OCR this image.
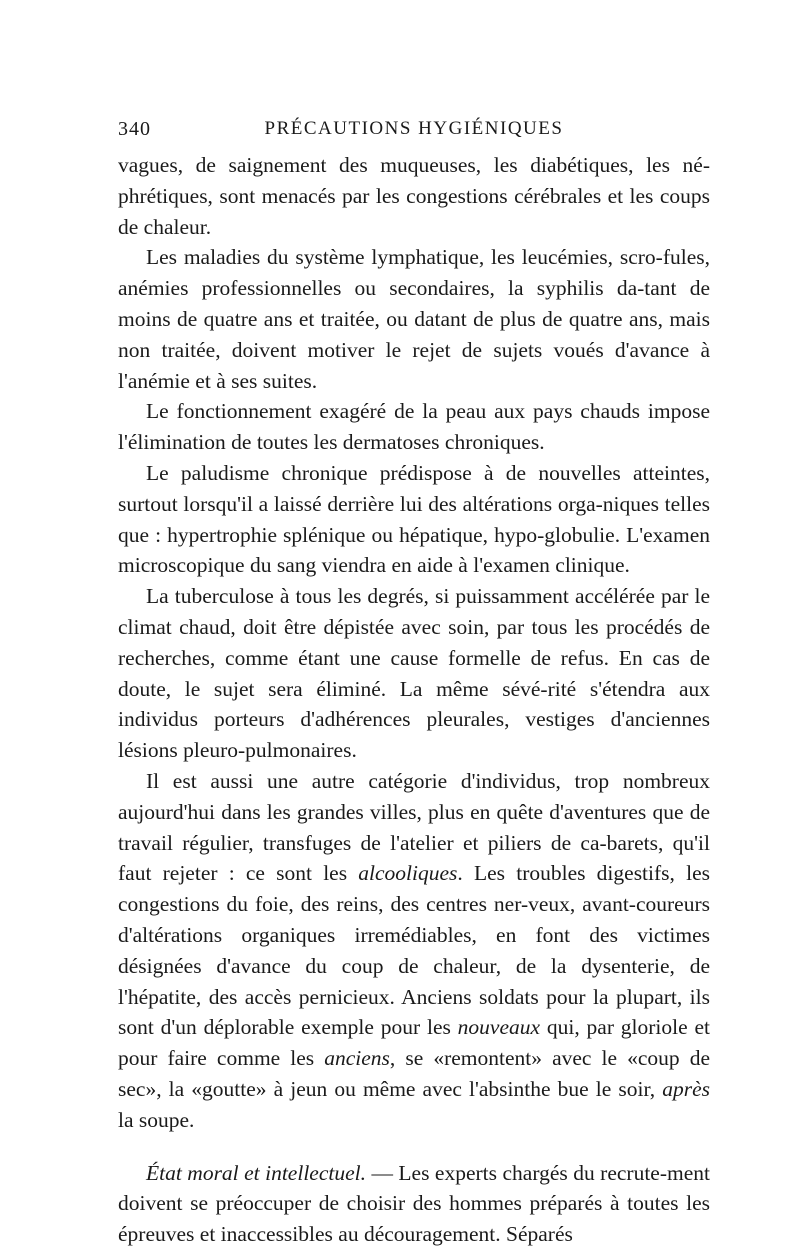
340	PRÉCAUTIONS HYGIÉNIQUES

vagues, de saignement des muqueuses, les diabétiques, les né-phrétiques, sont menacés par les congestions cérébrales et les coups de chaleur.

Les maladies du système lymphatique, les leucémies, scro-fules, anémies professionnelles ou secondaires, la syphilis da-tant de moins de quatre ans et traitée, ou datant de plus de quatre ans, mais non traitée, doivent motiver le rejet de sujets voués d'avance à l'anémie et à ses suites.

Le fonctionnement exagéré de la peau aux pays chauds impose l'élimination de toutes les dermatoses chroniques.

Le paludisme chronique prédispose à de nouvelles atteintes, surtout lorsqu'il a laissé derrière lui des altérations orga-niques telles que : hypertrophie splénique ou hépatique, hypo-globulie. L'examen microscopique du sang viendra en aide à l'examen clinique.

La tuberculose à tous les degrés, si puissamment accélérée par le climat chaud, doit être dépistée avec soin, par tous les procédés de recherches, comme étant une cause formelle de refus. En cas de doute, le sujet sera éliminé. La même sévé-rité s'étendra aux individus porteurs d'adhérences pleurales, vestiges d'anciennes lésions pleuro-pulmonaires.

Il est aussi une autre catégorie d'individus, trop nombreux aujourd'hui dans les grandes villes, plus en quête d'aventures que de travail régulier, transfuges de l'atelier et piliers de ca-barets, qu'il faut rejeter : ce sont les alcooliques. Les troubles digestifs, les congestions du foie, des reins, des centres ner-veux, avant-coureurs d'altérations organiques irremédiables, en font des victimes désignées d'avance du coup de chaleur, de la dysenterie, de l'hépatite, des accès pernicieux. Anciens soldats pour la plupart, ils sont d'un déplorable exemple pour les nouveaux qui, par gloriole et pour faire comme les anciens, se «remontent» avec le «coup de sec», la «goutte» à jeun ou même avec l'absinthe bue le soir, après la soupe.

État moral et intellectuel. — Les experts chargés du recrute-ment doivent se préoccuper de choisir des hommes préparés à toutes les épreuves et inaccessibles au découragement. Séparés
